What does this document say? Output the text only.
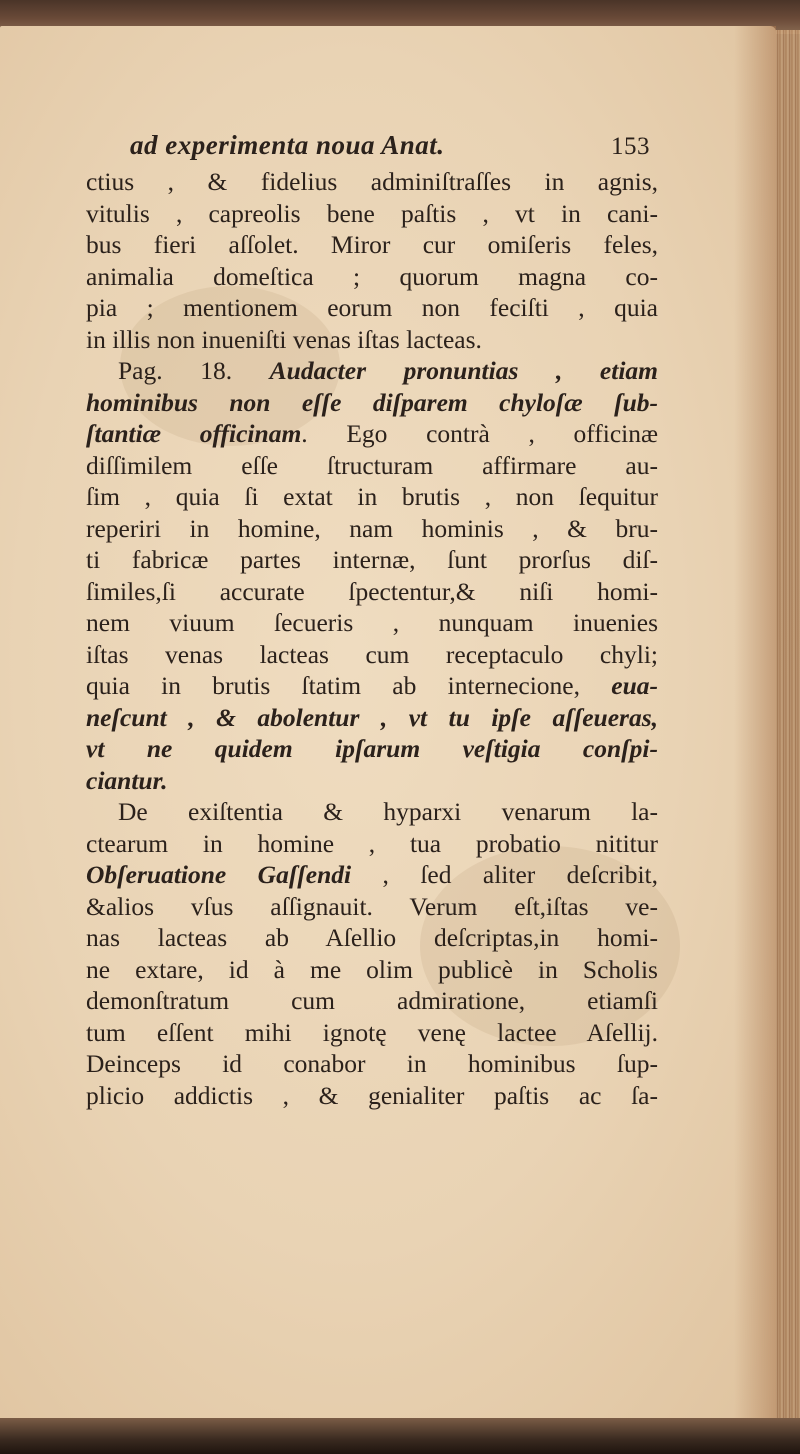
ad experimenta noua Anat.	153
ctius , & fidelius adminiſtraſſes in agnis,
vitulis , capreolis bene paſtis , vt in cani-
bus fieri aſſolet. Miror cur omiſeris feles,
animalia domeſtica ; quorum magna co-
pia ; mentionem eorum non feciſti , quia
in illis non inueniſti venas iſtas lacteas.
Pag. 18. Audacter pronuntias , etiam
hominibus non eſſe diſparem chyloſæ ſub-
ſtantiæ officinam. Ego contrà , officinæ
diſſimilem eſſe ſtructuram affirmare au-
ſim , quia ſi extat in brutis , non ſequitur
reperiri in homine, nam hominis , & bru-
ti fabricæ partes internæ, ſunt prorſus diſ-
ſimiles,ſi accurate ſpectentur,& niſi homi-
nem viuum ſecueris , nunquam inuenies
iſtas venas lacteas cum receptaculo chyli;
quia in brutis ſtatim ab internecione, eua-
neſcunt , & abolentur , vt tu ipſe aſſeueras,
vt ne quidem ipſarum veſtigia conſpi-
ciantur.
De exiſtentia & hyparxi venarum la-
ctearum in homine , tua probatio nititur
Obſeruatione Gaſſendi , ſed aliter deſcribit,
&alios vſus aſſignauit. Verum eſt,iſtas ve-
nas lacteas ab Aſellio deſcriptas,in homi-
ne extare, id à me olim publicè in Scholis
demonſtratum cum admiratione, etiamſi
tum eſſent mihi ignotę venę lactee Aſellij.
Deinceps id conabor in hominibus ſup-
plicio addictis , & genialiter paſtis ac ſa-
